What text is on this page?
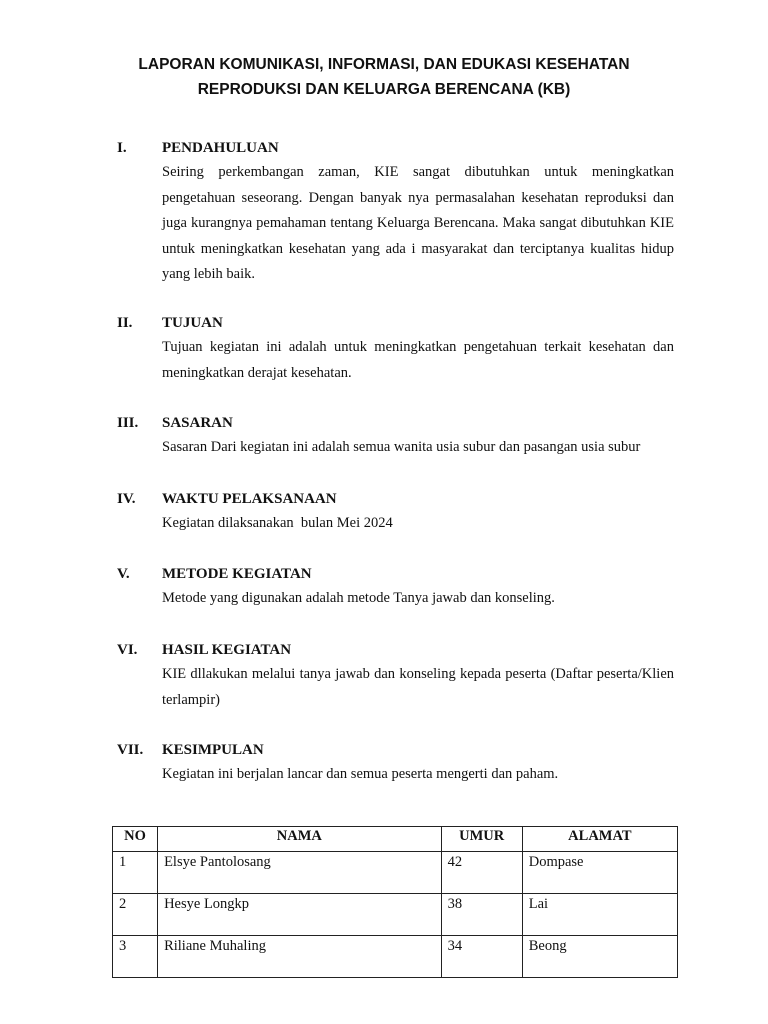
LAPORAN KOMUNIKASI, INFORMASI, DAN EDUKASI KESEHATAN
REPRODUKSI DAN KELUARGA BERENCANA (KB)
I. PENDAHULUAN
Seiring perkembangan zaman, KIE sangat dibutuhkan untuk meningkatkan pengetahuan seseorang. Dengan banyak nya permasalahan kesehatan reproduksi dan juga kurangnya pemahaman tentang Keluarga Berencana. Maka sangat dibutuhkan KIE untuk meningkatkan kesehatan yang ada i masyarakat dan terciptanya kualitas hidup yang lebih baik.
II. TUJUAN
Tujuan kegiatan ini adalah untuk meningkatkan pengetahuan terkait kesehatan dan meningkatkan derajat kesehatan.
III. SASARAN
Sasaran Dari kegiatan ini adalah semua wanita usia subur dan pasangan usia subur
IV. WAKTU PELAKSANAAN
Kegiatan dilaksanakan  bulan Mei 2024
V. METODE KEGIATAN
Metode yang digunakan adalah metode Tanya jawab dan konseling.
VI. HASIL KEGIATAN
KIE dllakukan melalui tanya jawab dan konseling kepada peserta (Daftar peserta/Klien terlampir)
VII. KESIMPULAN
Kegiatan ini berjalan lancar dan semua peserta mengerti dan paham.
NO	NAMA	UMUR	ALAMAT
1	Elsye Pantolosang	42	Dompase
2	Hesye Longkp	38	Lai
3	Riliane Muhaling	34	Beong
